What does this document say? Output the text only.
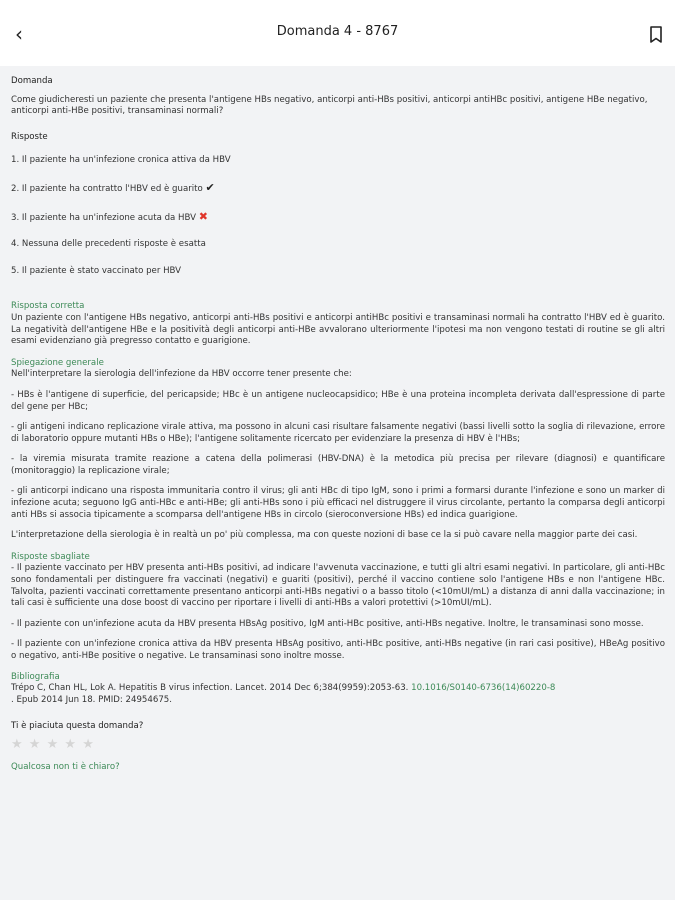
‹	Domanda 4 - 8767

Domanda

Come giudicheresti un paziente che presenta l'antigene HBs negativo, anticorpi anti-HBs positivi, anticorpi antiHBc positivi, antigene HBe negativo, anticorpi anti-HBe positivi, transaminasi normali?

Risposte

1. Il paziente ha un'infezione cronica attiva da HBV

2. Il paziente ha contratto l'HBV ed è guarito ✔

3. Il paziente ha un'infezione acuta da HBV ✖

4. Nessuna delle precedenti risposte è esatta

5. Il paziente è stato vaccinato per HBV

Risposta corretta

Un paziente con l'antigene HBs negativo, anticorpi anti-HBs positivi e anticorpi antiHBc positivi e transaminasi normali ha contratto l'HBV ed è guarito. La negatività dell'antigene HBe e la positività degli anticorpi anti-HBe avvalorano ulteriormente l'ipotesi ma non vengono testati di routine se gli altri esami evidenziano già pregresso contatto e guarigione.

Spiegazione generale

Nell'interpretare la sierologia dell'infezione da HBV occorre tener presente che:

- HBs è l'antigene di superficie, del pericapside; HBc è un antigene nucleocapsidico; HBe è una proteina incompleta derivata dall'espressione di parte del gene per HBc;

- gli antigeni indicano replicazione virale attiva, ma possono in alcuni casi risultare falsamente negativi (bassi livelli sotto la soglia di rilevazione, errore di laboratorio oppure mutanti HBs o HBe); l'antigene solitamente ricercato per evidenziare la presenza di HBV è l'HBs;

- la viremia misurata tramite reazione a catena della polimerasi (HBV-DNA) è la metodica più precisa per rilevare (diagnosi) e quantificare (monitoraggio) la replicazione virale;

- gli anticorpi indicano una risposta immunitaria contro il virus; gli anti HBc di tipo IgM, sono i primi a formarsi durante l'infezione e sono un marker di infezione acuta; seguono IgG anti-HBc e anti-HBe; gli anti-HBs sono i più efficaci nel distruggere il virus circolante, pertanto la comparsa degli anticorpi anti HBs si associa tipicamente a scomparsa dell'antigene HBs in circolo (sieroconversione HBs) ed indica guarigione.

L'interpretazione della sierologia è in realtà un po' più complessa, ma con queste nozioni di base ce la si può cavare nella maggior parte dei casi.

Risposte sbagliate

- Il paziente vaccinato per HBV presenta anti-HBs positivi, ad indicare l'avvenuta vaccinazione, e tutti gli altri esami negativi. In particolare, gli anti-HBc sono fondamentali per distinguere fra vaccinati (negativi) e guariti (positivi), perché il vaccino contiene solo l'antigene HBs e non l'antigene HBc. Talvolta, pazienti vaccinati correttamente presentano anticorpi anti-HBs negativi o a basso titolo (<10mUI/mL) a distanza di anni dalla vaccinazione; in tali casi è sufficiente una dose boost di vaccino per riportare i livelli di anti-HBs a valori protettivi (>10mUI/mL).

- Il paziente con un'infezione acuta da HBV presenta HBsAg positivo, IgM anti-HBc positive, anti-HBs negative. Inoltre, le transaminasi sono mosse.

- Il paziente con un'infezione cronica attiva da HBV presenta HBsAg positivo, anti-HBc positive, anti-HBs negative (in rari casi positive), HBeAg positivo o negativo, anti-HBe positive o negative. Le transaminasi sono inoltre mosse.

Bibliografia

Trépo C, Chan HL, Lok A. Hepatitis B virus infection. Lancet. 2014 Dec 6;384(9959):2053-63. 10.1016/S0140-6736(14)60220-8
. Epub 2014 Jun 18. PMID: 24954675.

Ti è piaciuta questa domanda?

★ ★ ★ ★ ★

Qualcosa non ti è chiaro?
